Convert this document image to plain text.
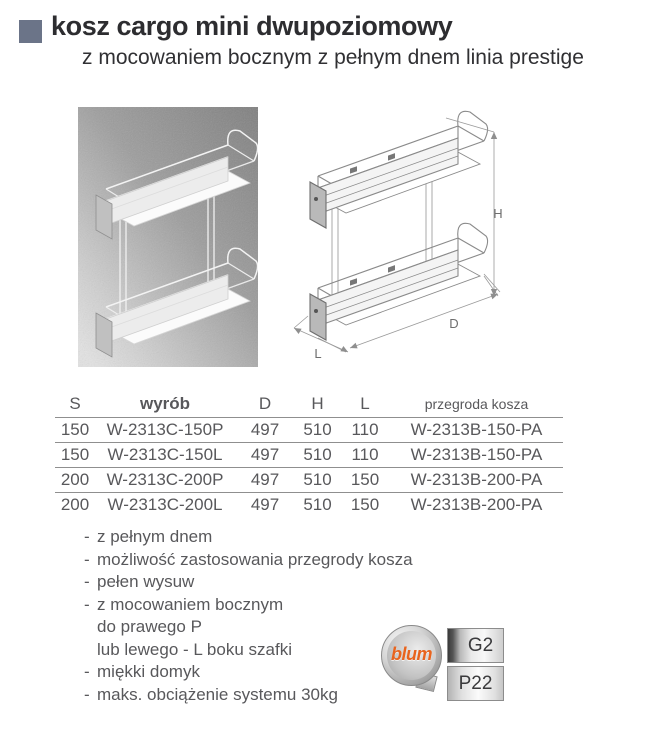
kosz cargo mini dwupoziomowy
z mocowaniem bocznym z pełnym dnem linia prestige
H
D
L
S	wyrób	D	H	L	przegroda kosza
150	W-2313C-150P	497	510	110	W-2313B-150-PA
150	W-2313C-150L	497	510	110	W-2313B-150-PA
200	W-2313C-200P	497	510	150	W-2313B-200-PA
200	W-2313C-200L	497	510	150	W-2313B-200-PA
- z pełnym dnem
- możliwość zastosowania przegrody kosza
- pełen wysuw
- z mocowaniem bocznym
do prawego P
lub lewego - L boku szafki
- miękki domyk
- maks. obciążenie systemu 30kg
blum	G2
P22
